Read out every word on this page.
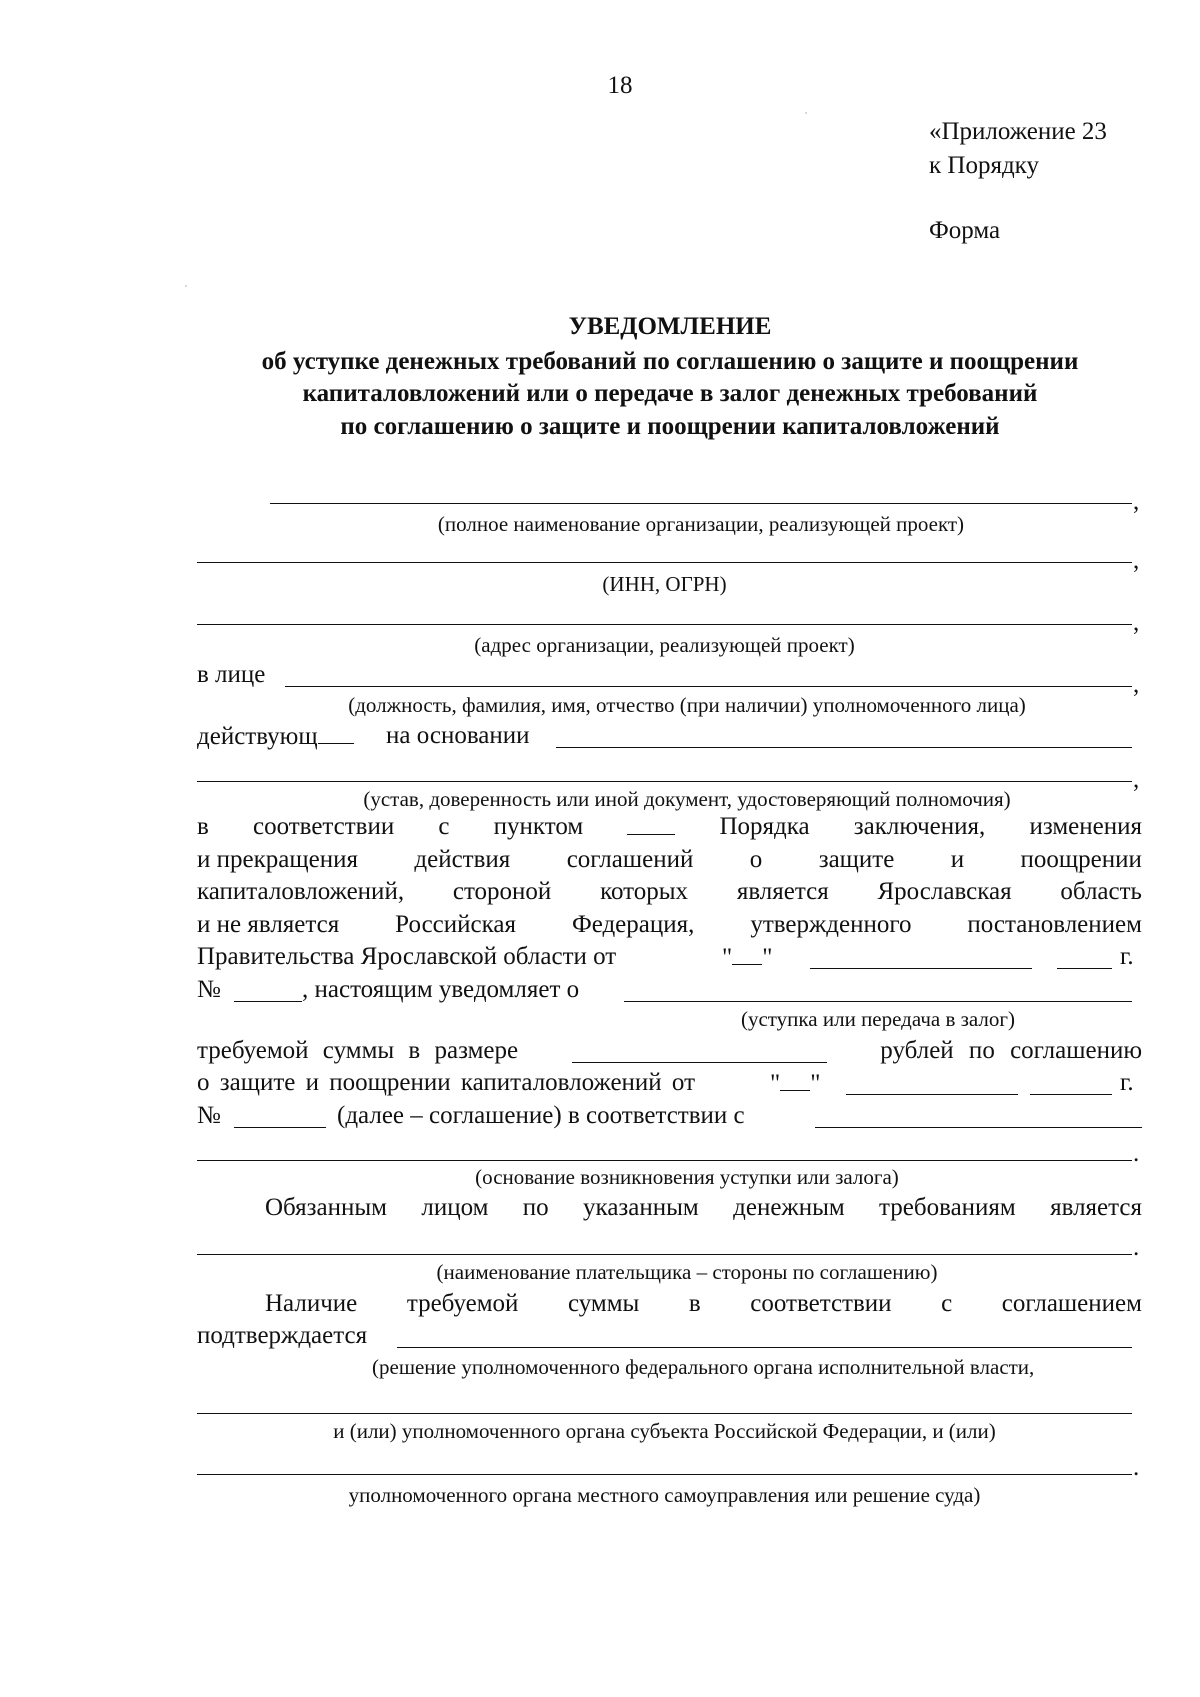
18
«Приложение 23
к Порядку
Форма
УВЕДОМЛЕНИЕ
об уступке денежных требований по соглашению о защите и поощрении
капиталовложений или о передаче в залог денежных требований
по соглашению о защите и поощрении капиталовложений
,
(полное наименование организации, реализующей проект)
,
(ИНН, ОГРН)
,
(адрес организации, реализующей проект)
в лице	,
(должность, фамилия, имя, отчество (при наличии) уполномоченного лица)
действующ	на основании
,
(устав, доверенность или иной документ, удостоверяющий полномочия)
в соответствии с пунктом	Порядка заключения, изменения
и прекращения действия соглашений о защите и поощрении
капиталовложений, стороной которых является Ярославская область
и не является Российская Федерация, утвержденного постановлением
Правительства Ярославской области от	" "	г.
№	, настоящим уведомляет о
(уступка или передача в залог)
требуемой суммы в размере	рублей по соглашению
о защите и поощрении капиталовложений от	" "	г.
№	(далее – соглашение) в соответствии с
.
(основание возникновения уступки или залога)
Обязанным лицом по указанным денежным требованиям является
.
(наименование плательщика – стороны по соглашению)
Наличие требуемой суммы в соответствии с соглашением
подтверждается
(решение уполномоченного федерального органа исполнительной власти,
и (или) уполномоченного органа субъекта Российской Федерации, и (или)
.
уполномоченного органа местного самоуправления или решение суда)
